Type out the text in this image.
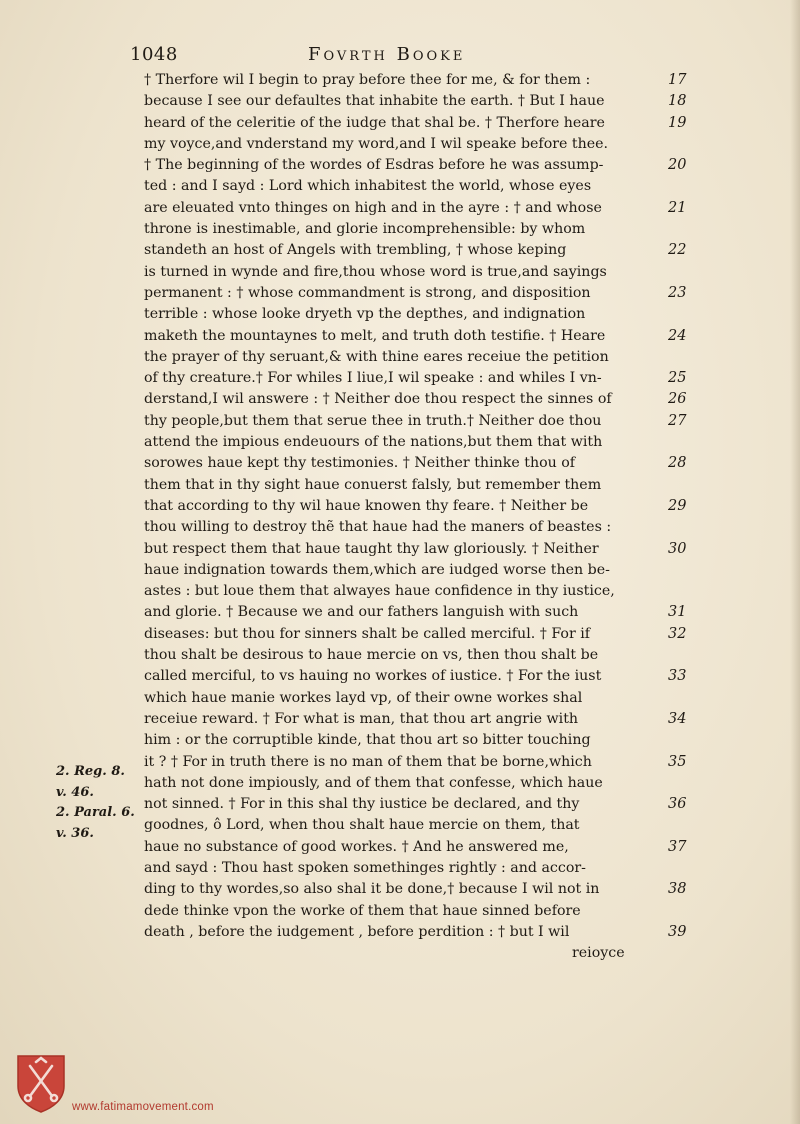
1048	Fovrth Booke
† Therfore wil I begin to pray before thee for me, & for them :	17
because I see our defaultes that inhabite the earth. † But I haue	18
heard of the celeritie of the iudge that shal be. † Therfore heare	19
my voyce,and vnderstand my word,and I wil speake before thee.
† The beginning of the wordes of Esdras before he was assump-	20
ted : and I sayd : Lord which inhabitest the world, whose eyes
are eleuated vnto thinges on high and in the ayre : † and whose	21
throne is inestimable, and glorie incomprehensible: by whom
standeth an host of Angels with trembling, † whose keping	22
is turned in wynde and fire,thou whose word is true,and sayings
permanent : † whose commandment is strong, and disposition	23
terrible : whose looke dryeth vp the depthes, and indignation
maketh the mountaynes to melt, and truth doth testifie. † Heare	24
the prayer of thy seruant,& with thine eares receiue the petition
of thy creature.† For whiles I liue,I wil speake : and whiles I vn-	25
derstand,I wil answere : † Neither doe thou respect the sinnes of	26
thy people,but them that serue thee in truth.† Neither doe thou	27
attend the impious endeuours of the nations,but them that with
sorowes haue kept thy testimonies. † Neither thinke thou of	28
them that in thy sight haue conuerst falsly, but remember them
that according to thy wil haue knowen thy feare. † Neither be	29
thou willing to destroy thẽ that haue had the maners of beastes :
but respect them that haue taught thy law gloriously. † Neither	30
haue indignation towards them,which are iudged worse then be-
astes : but loue them that alwayes haue confidence in thy iustice,
and glorie. † Because we and our fathers languish with such	31
diseases: but thou for sinners shalt be called merciful. † For if	32
thou shalt be desirous to haue mercie on vs, then thou shalt be
called merciful, to vs hauing no workes of iustice. † For the iust	33
which haue manie workes layd vp, of their owne workes shal
receiue reward. † For what is man, that thou art angrie with	34
him : or the corruptible kinde, that thou art so bitter touching
it ? † For in truth there is no man of them that be borne,which	35
hath not done impiously, and of them that confesse, which haue
not sinned. † For in this shal thy iustice be declared, and thy	36
goodnes, ô Lord, when thou shalt haue mercie on them, that
haue no substance of good workes. † And he answered me,	37
and sayd : Thou hast spoken somethinges rightly : and accor-
ding to thy wordes,so also shal it be done,† because I wil not in	38
dede thinke vpon the worke of them that haue sinned before
death , before the iudgement , before perdition : † but I wil	39
reioyce
2. Reg. 8.
v. 46.
2. Paral. 6.
v. 36.
www.fatimamovement.com
